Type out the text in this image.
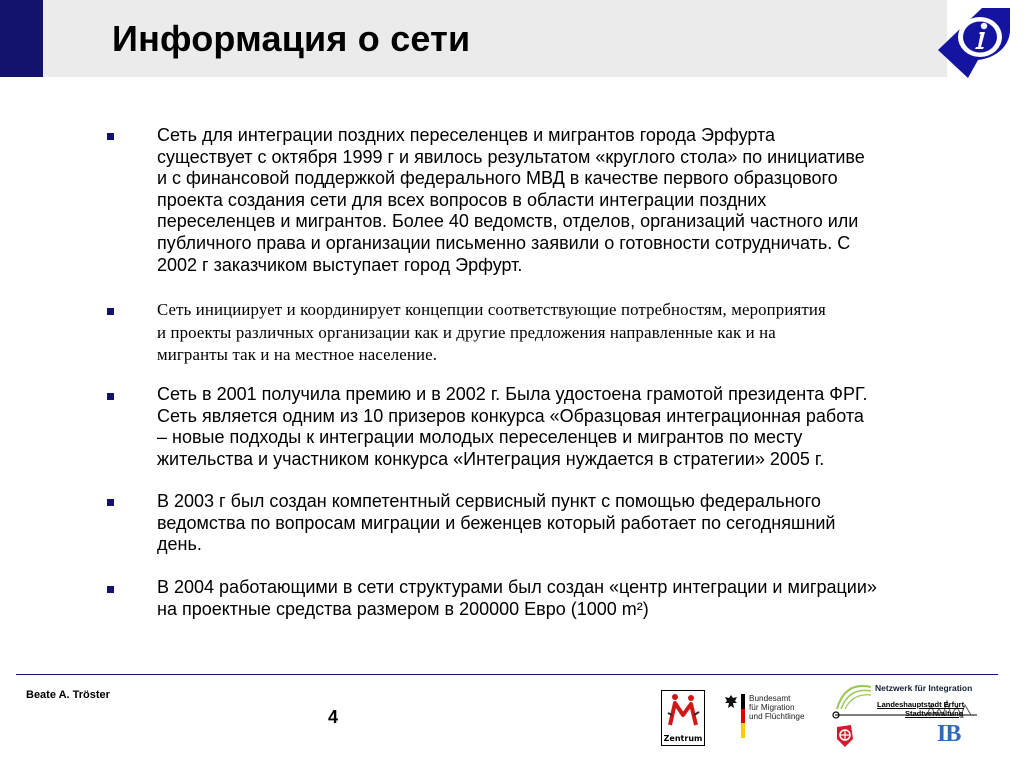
Информация о сети

Сеть для интеграции поздних переселенцев и мигрантов города Эрфурта
существует с октября 1999 г и явилось результатом «круглого стола» по инициативе
и с финансовой поддержкой федерального МВД в качестве первого образцового
проекта создания сети для всех вопросов в области интеграции поздних
переселенцев и мигрантов. Более 40 ведомств, отделов, организаций частного или
публичного права и организации письменно заявили о готовности сотрудничать. С
2002 г заказчиком выступает город Эрфурт.

Сеть инициирует и координирует концепции соответствующие потребностям, мероприятия
и проекты различных организации как и другие предложения направленные как и на
мигранты так и на местное население.

Сеть в 2001 получила премию и в 2002 г. Была удостоена грамотой президента ФРГ.
Сеть является одним из 10 призеров конкурса «Образцовая интеграционная работа
– новые подходы к интеграции молодых переселенцев и мигрантов по месту
жительства и участником конкурса «Интеграция нуждается в стратегии» 2005 г.

В 2003 г был создан компетентный сервисный пункт с помощью федерального
ведомства по вопросам миграции и беженцев который работает по сегодняшний
день.

В 2004 работающими в сети структурами был создан «центр интеграции и миграции»
на проектные средства размером в 200000 Евро (1000 m²)

Beate A. Tröster
4
Zentrum
Bundesamt
für Migration
und Flüchtlinge
Netzwerk für Integration
Landeshauptstadt Erfurt
Stadtverwaltung
IB
